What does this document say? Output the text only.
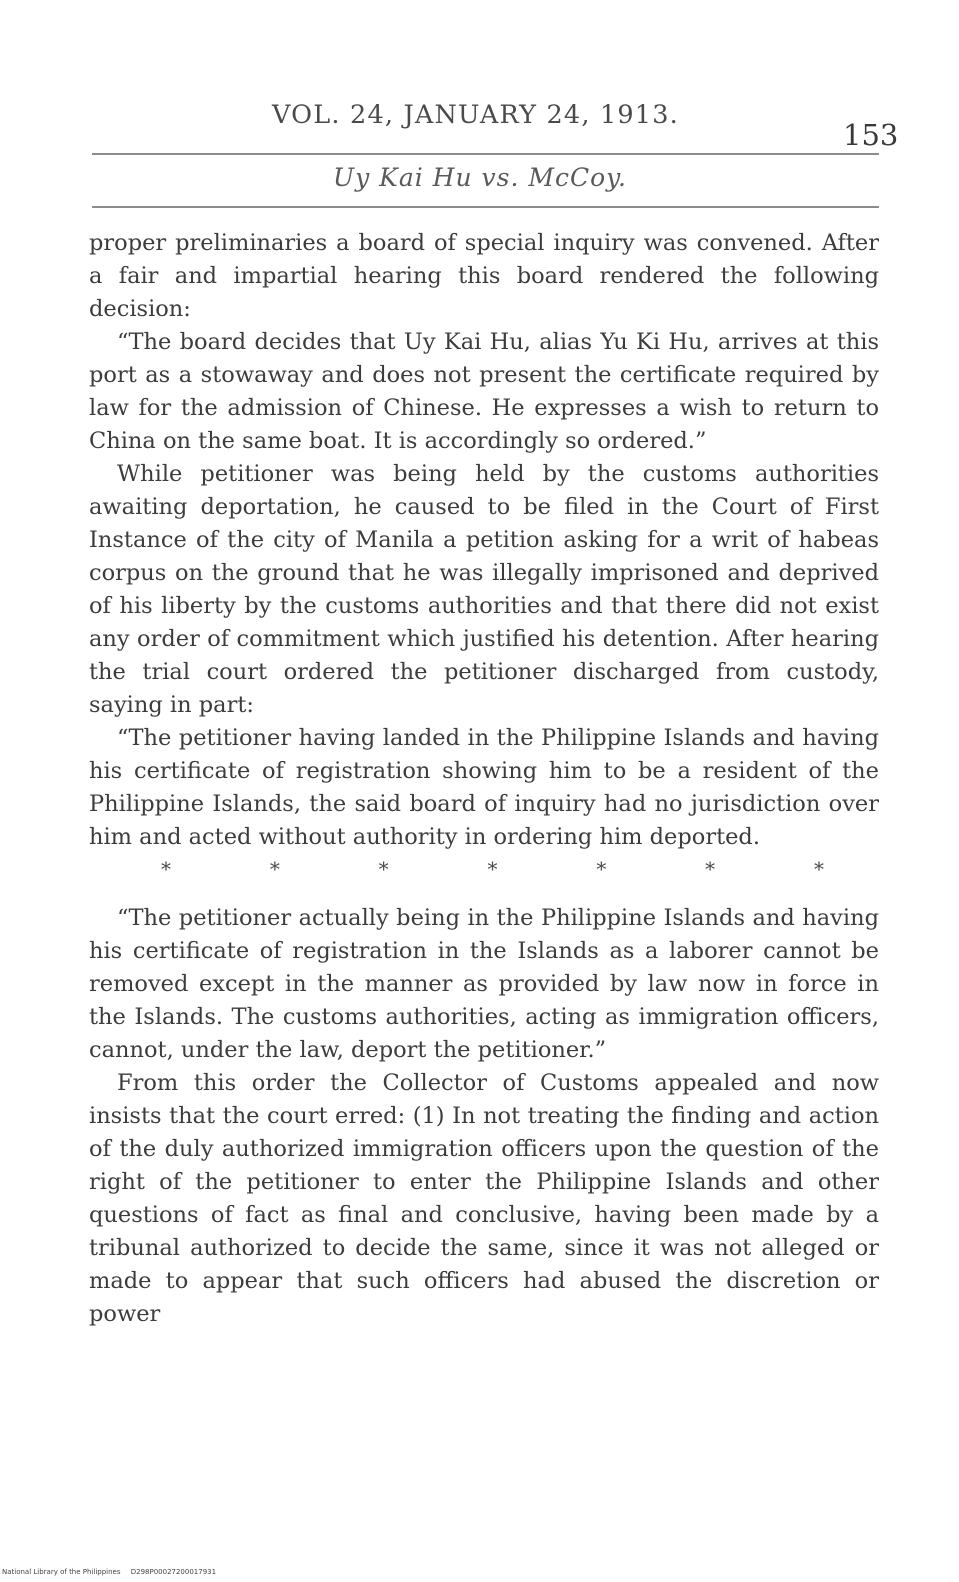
VOL. 24, JANUARY 24, 1913.
153
Uy Kai Hu vs. McCoy.

proper preliminaries a board of special inquiry was convened. After a fair and impartial hearing this board rendered the following decision:

“The board decides that Uy Kai Hu, alias Yu Ki Hu, arrives at this port as a stowaway and does not present the certificate required by law for the admission of Chinese. He expresses a wish to return to China on the same boat. It is accordingly so ordered.”

While petitioner was being held by the customs authorities awaiting deportation, he caused to be filed in the Court of First Instance of the city of Manila a petition asking for a writ of habeas corpus on the ground that he was illegally imprisoned and deprived of his liberty by the customs authorities and that there did not exist any order of commitment which justified his detention. After hearing the trial court ordered the petitioner discharged from custody, saying in part:

“The petitioner having landed in the Philippine Islands and having his certificate of registration showing him to be a resident of the Philippine Islands, the said board of inquiry had no jurisdiction over him and acted without authority in ordering him deported.

*	*	*	*	*	*	*

“The petitioner actually being in the Philippine Islands and having his certificate of registration in the Islands as a laborer cannot be removed except in the manner as provided by law now in force in the Islands. The customs authorities, acting as immigration officers, cannot, under the law, deport the petitioner.”

From this order the Collector of Customs appealed and now insists that the court erred: (1) In not treating the finding and action of the duly authorized immigration officers upon the question of the right of the petitioner to enter the Philippine Islands and other questions of fact as final and conclusive, having been made by a tribunal authorized to decide the same, since it was not alleged or made to appear that such officers had abused the discretion or power

National Library of the Philippines D298P00027200017931
